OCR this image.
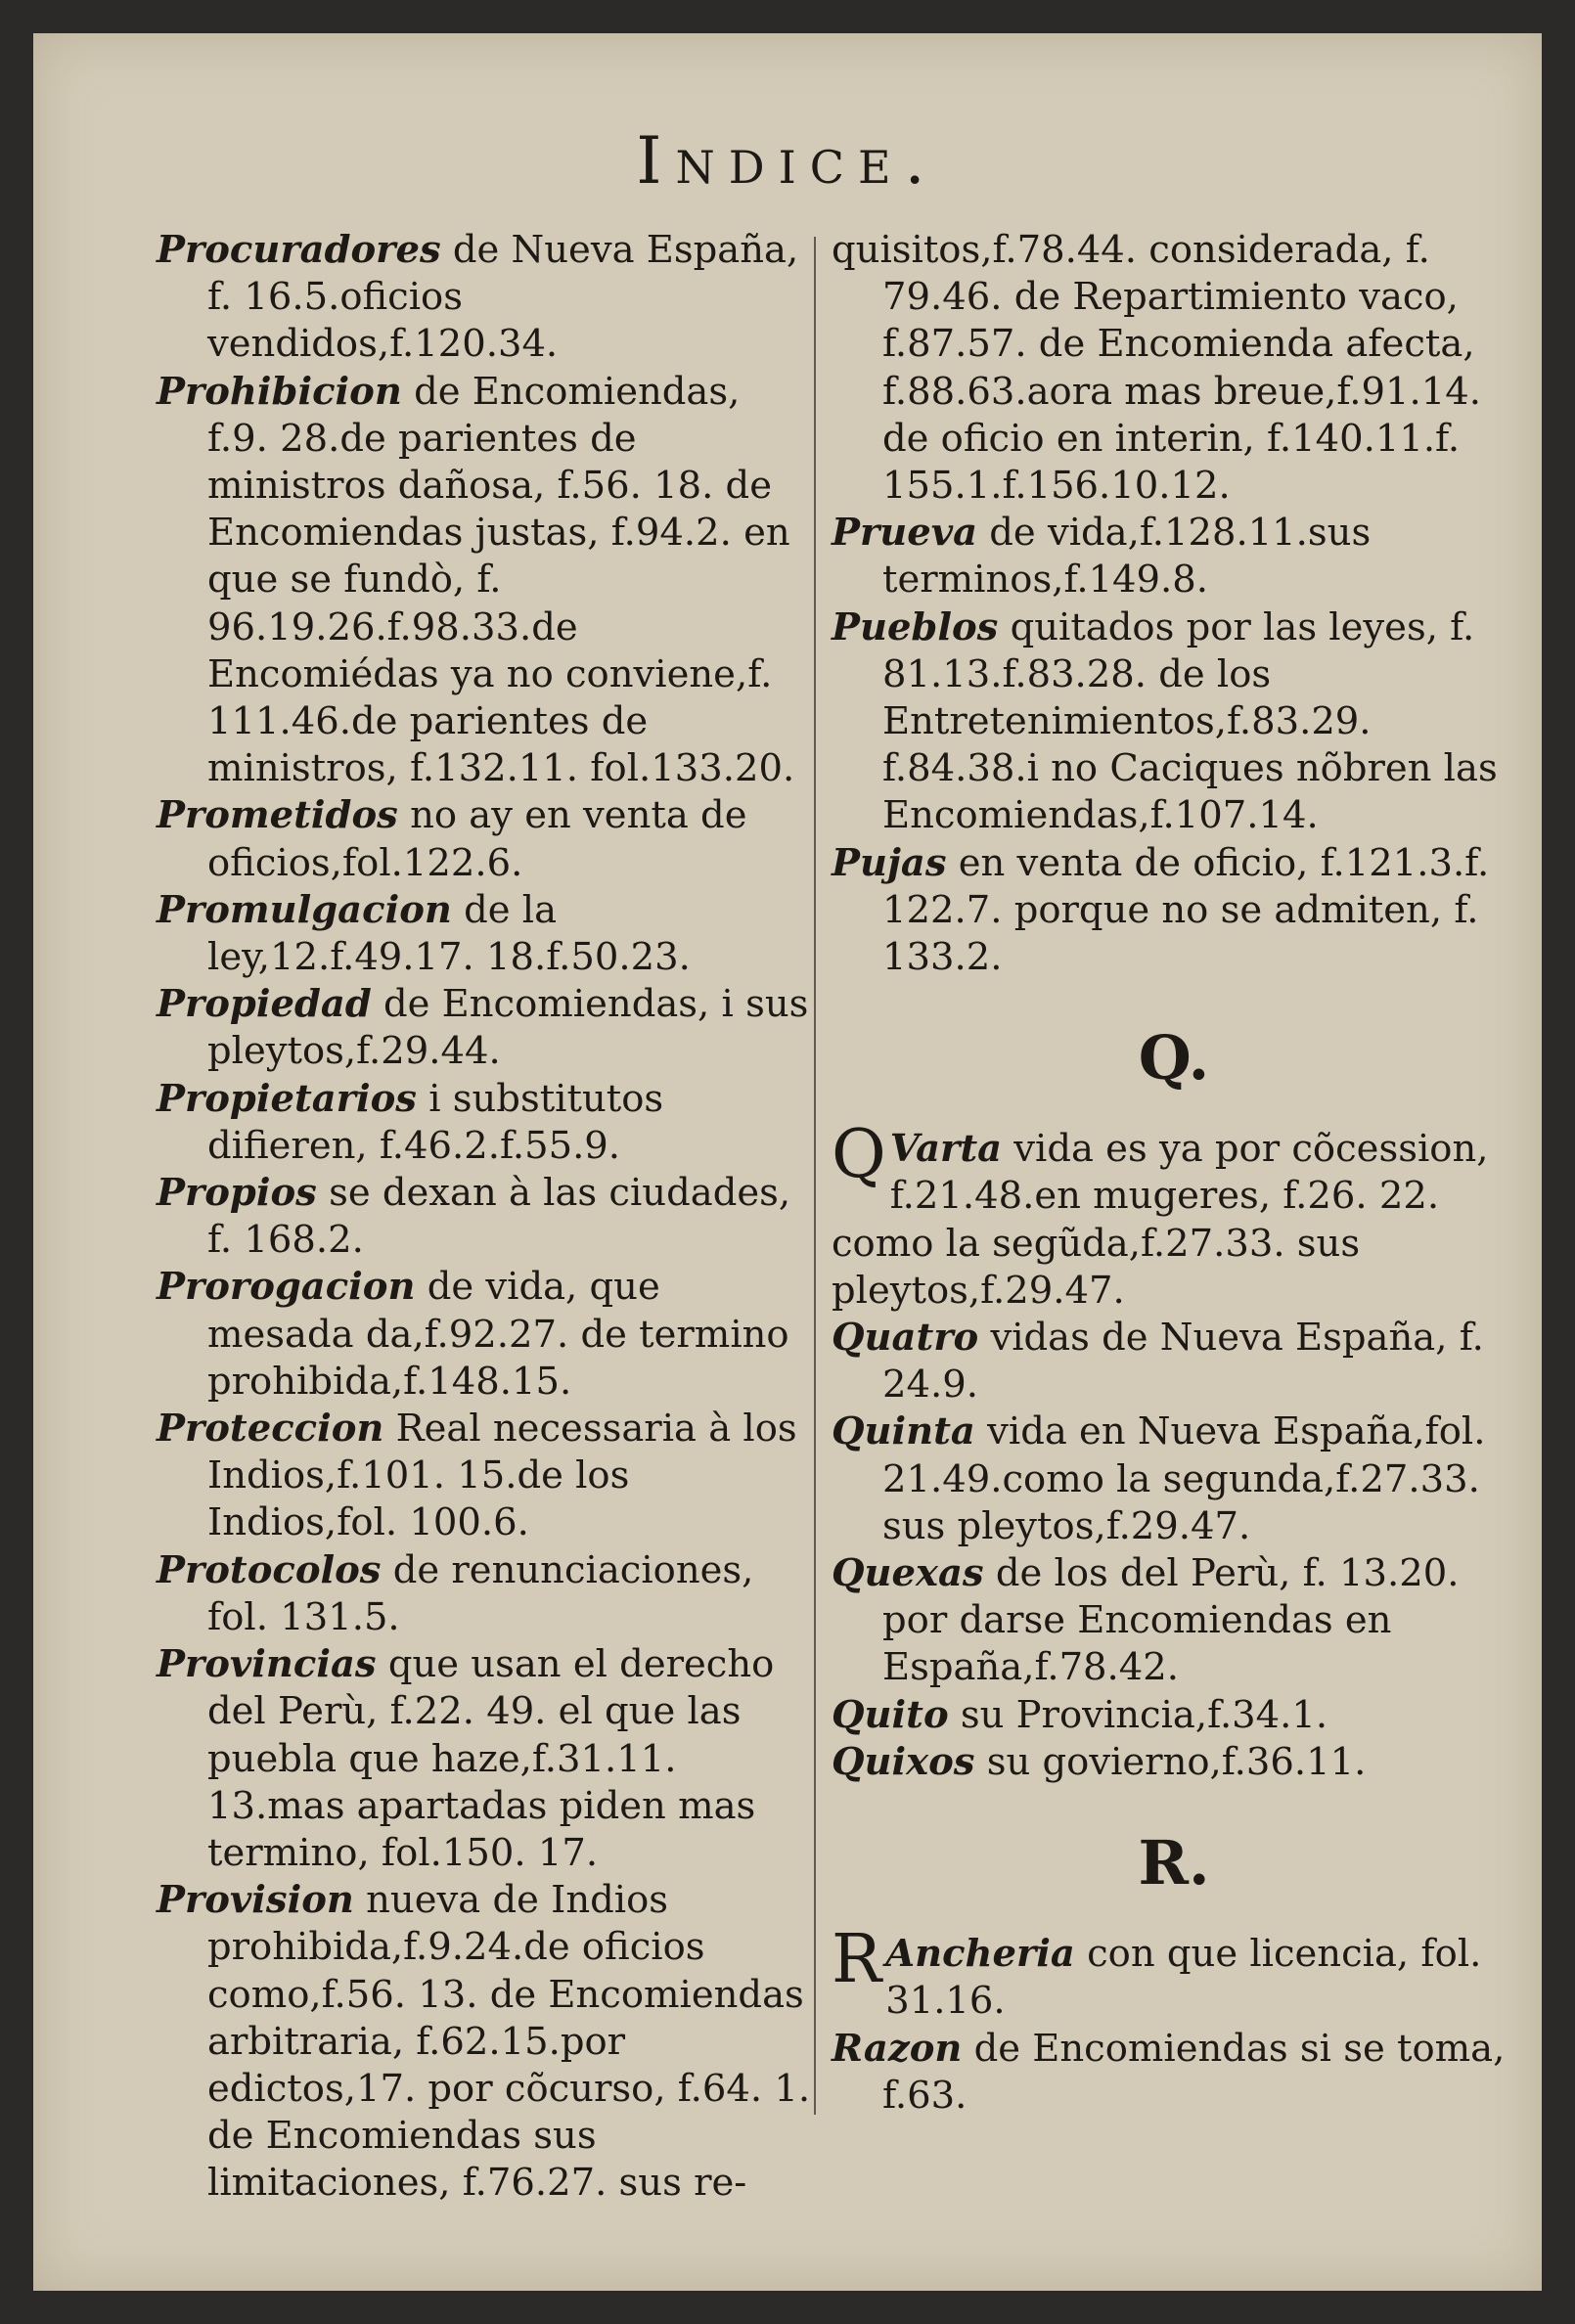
Indice.

Procuradores de Nueva España, f. 16.5.oficios vendidos,f.120.34.

Prohibicion de Encomiendas, f.9. 28.de parientes de ministros dañosa, f.56. 18. de Encomiendas justas, f.94.2. en que se fundò, f. 96.19.26.f.98.33.de Encomiédas ya no conviene,f. 111.46.de parientes de ministros, f.132.11. fol.133.20.

Prometidos no ay en venta de oficios,fol.122.6.

Promulgacion de la ley,12.f.49.17. 18.f.50.23.

Propiedad de Encomiendas, i sus pleytos,f.29.44.

Propietarios i substitutos difieren, f.46.2.f.55.9.

Propios se dexan à las ciudades, f. 168.2.

Prorogacion de vida, que mesada da,f.92.27. de termino prohibida,f.148.15.

Proteccion Real necessaria à los Indios,f.101. 15.de los Indios,fol. 100.6.

Protocolos de renunciaciones, fol. 131.5.

Provincias que usan el derecho del Perù, f.22. 49. el que las puebla que haze,f.31.11. 13.mas apartadas piden mas termino, fol.150. 17.

Provision nueva de Indios prohibida,f.9.24.de oficios como,f.56. 13. de Encomiendas arbitraria, f.62.15.por edictos,17. por cõcurso, f.64. 1. de Encomiendas sus limitaciones, f.76.27. sus re-

quisitos,f.78.44. considerada, f. 79.46. de Repartimiento vaco, f.87.57. de Encomienda afecta, f.88.63.aora mas breue,f.91.14. de oficio en interin, f.140.11.f. 155.1.f.156.10.12.

Prueva de vida,f.128.11.sus terminos,f.149.8.

Pueblos quitados por las leyes, f. 81.13.f.83.28. de los Entretenimientos,f.83.29. f.84.38.i no Caciques nõbren las Encomiendas,f.107.14.

Pujas en venta de oficio, f.121.3.f. 122.7. porque no se admiten, f. 133.2.

Q.

Q Varta vida es ya por cõcession, f.21.48.en mugeres, f.26. 22. como la segũda,f.27.33. sus pleytos,f.29.47.

Quatro vidas de Nueva España, f. 24.9.

Quinta vida en Nueva España,fol. 21.49.como la segunda,f.27.33. sus pleytos,f.29.47.

Quexas de los del Perù, f. 13.20. por darse Encomiendas en España,f.78.42.

Quito su Provincia,f.34.1.

Quixos su govierno,f.36.11.

R.

R Ancheria con que licencia, fol. 31.16.

Razon de Encomiendas si se toma, f.63.
